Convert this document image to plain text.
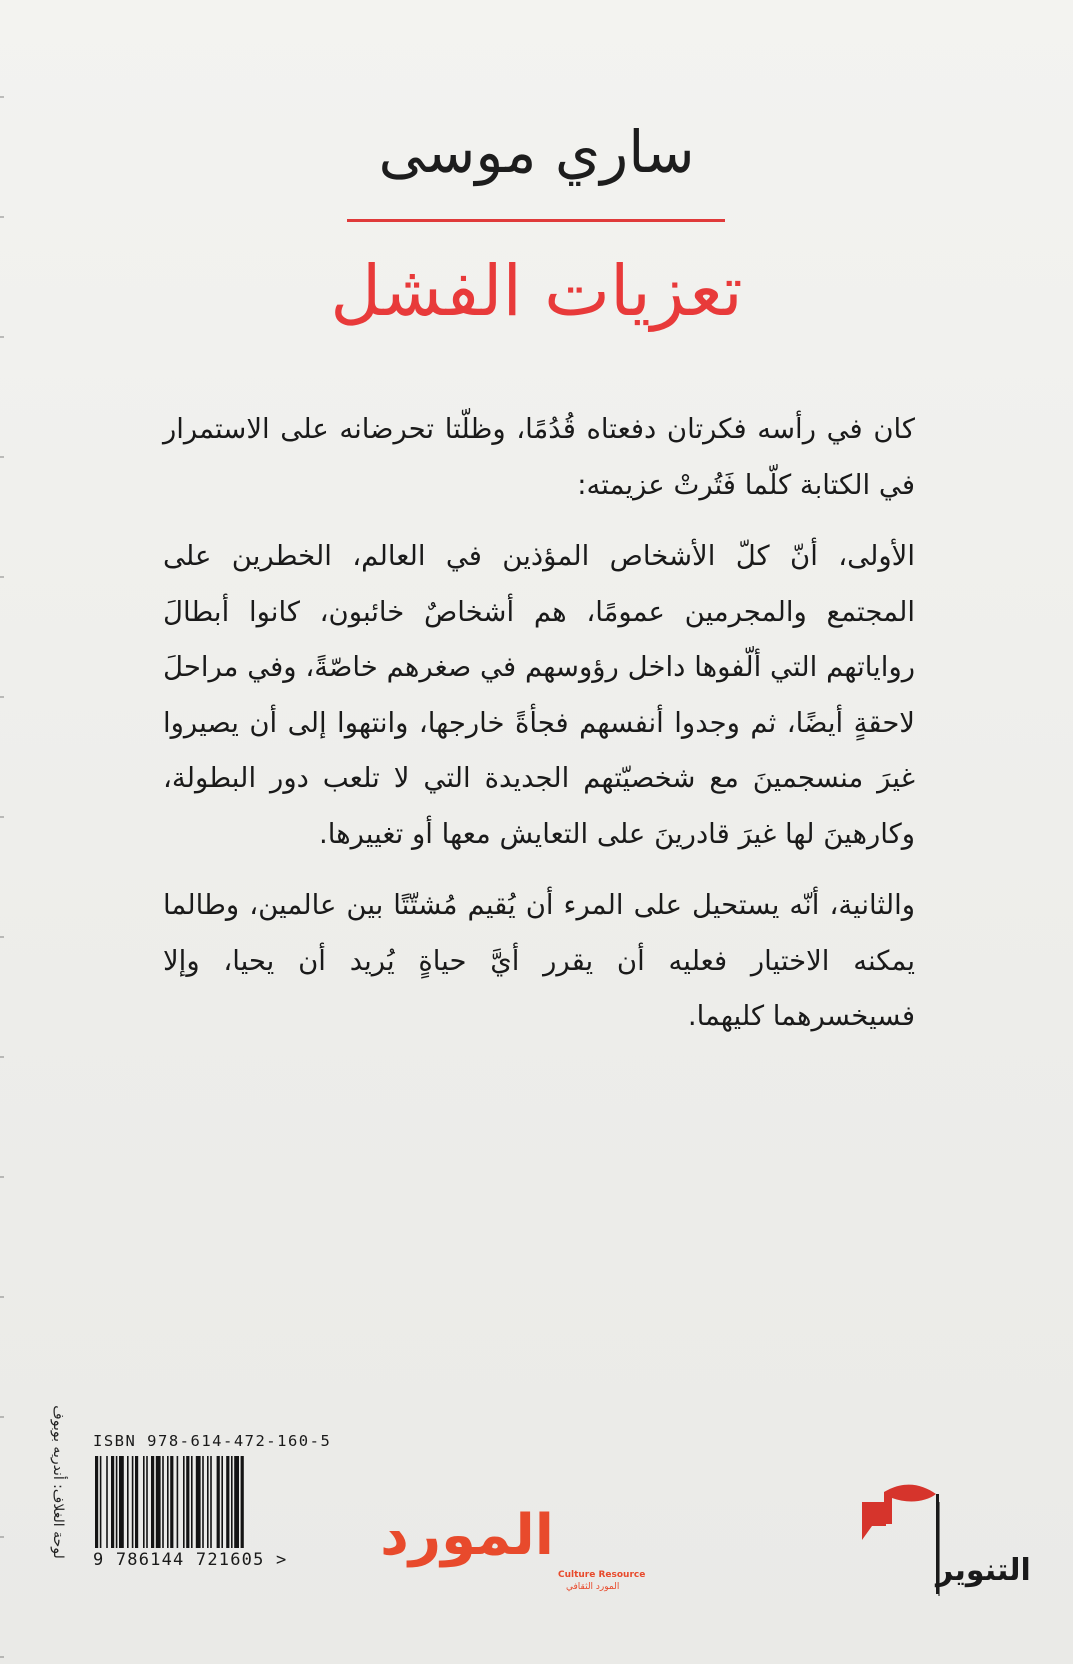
ساري موسى
تعزيات الفشل

كان في رأسه فكرتان دفعتاه قُدُمًا، وظلّتا تحرضانه على الاستمرار في الكتابة كلّما فَتُرتْ عزيمته:

الأولى، أنّ كلّ الأشخاص المؤذين في العالم، الخطرين على المجتمع والمجرمين عمومًا، هم أشخاصٌ خائبون، كانوا أبطالَ رواياتهم التي ألّفوها داخل رؤوسهم في صغرهم خاصّةً، وفي مراحلَ لاحقةٍ أيضًا، ثم وجدوا أنفسهم فجأةً خارجها، وانتهوا إلى أن يصيروا غيرَ منسجمينَ مع شخصيّتهم الجديدة التي لا تلعب دور البطولة، وكارهينَ لها غيرَ قادرينَ على التعايش معها أو تغييرها.

والثانية، أنّه يستحيل على المرء أن يُقيم مُشتّتًا بين عالمين، وطالما يمكنه الاختيار فعليه أن يقرر أيَّ حياةٍ يُريد أن يحيا، وإلا فسيخسرهما كليهما.

لوحة الغلاف: أندريه بوبوف ISBN 978-614-472-160-5
9 786144 721605 >	المورد
Culture Resource
المورد الثقافي	التنوير
